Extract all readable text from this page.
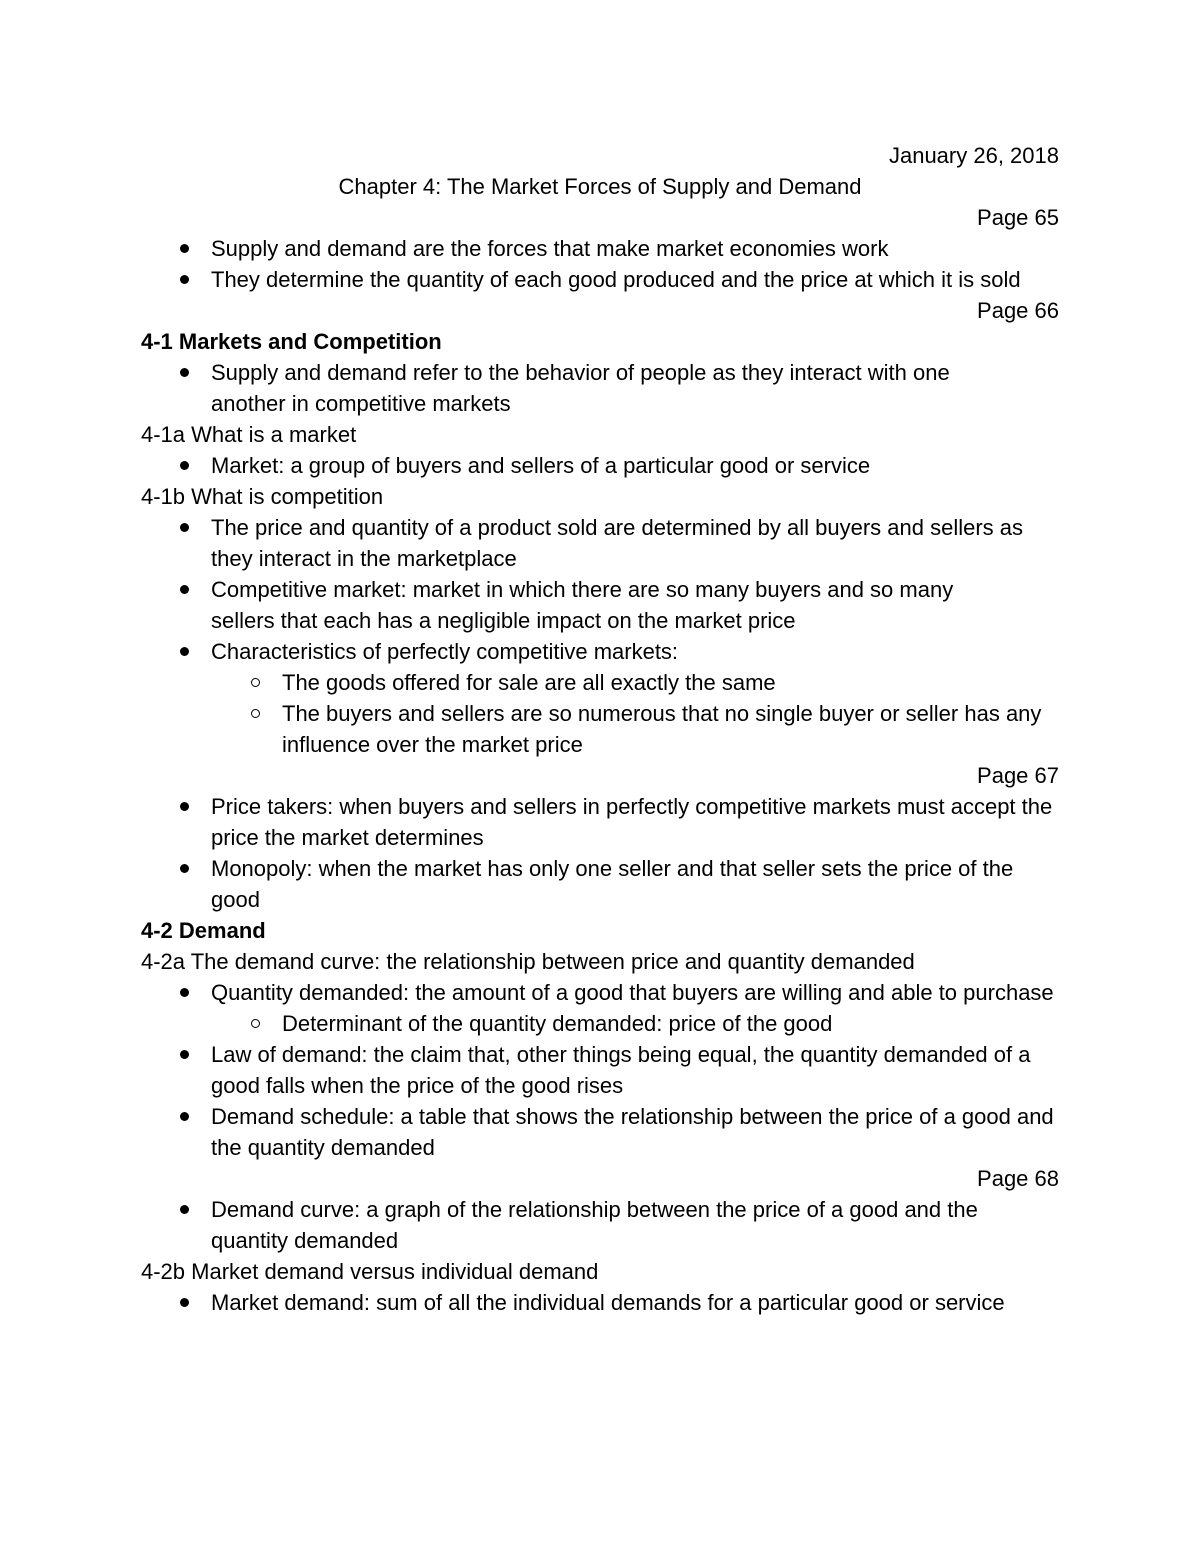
January 26, 2018
Chapter 4: The Market Forces of Supply and Demand
Page 65
Supply and demand are the forces that make market economies work
They determine the quantity of each good produced and the price at which it is sold
Page 66
4-1 Markets and Competition
Supply and demand refer to the behavior of people as they interact with one another in competitive markets
4-1a What is a market
Market: a group of buyers and sellers of a particular good or service
4-1b What is competition
The price and quantity of a product sold are determined by all buyers and sellers as they interact in the marketplace
Competitive market: market in which there are so many buyers and so many sellers that each has a negligible impact on the market price
Characteristics of perfectly competitive markets:
The goods offered for sale are all exactly the same
The buyers and sellers are so numerous that no single buyer or seller has any influence over the market price
Page 67
Price takers: when buyers and sellers in perfectly competitive markets must accept the price the market determines
Monopoly: when the market has only one seller and that seller sets the price of the good
4-2 Demand
4-2a The demand curve: the relationship between price and quantity demanded
Quantity demanded: the amount of a good that buyers are willing and able to purchase
Determinant of the quantity demanded: price of the good
Law of demand: the claim that, other things being equal, the quantity demanded of a good falls when the price of the good rises
Demand schedule: a table that shows the relationship between the price of a good and the quantity demanded
Page 68
Demand curve: a graph of the relationship between the price of a good and the quantity demanded
4-2b Market demand versus individual demand
Market demand: sum of all the individual demands for a particular good or service
